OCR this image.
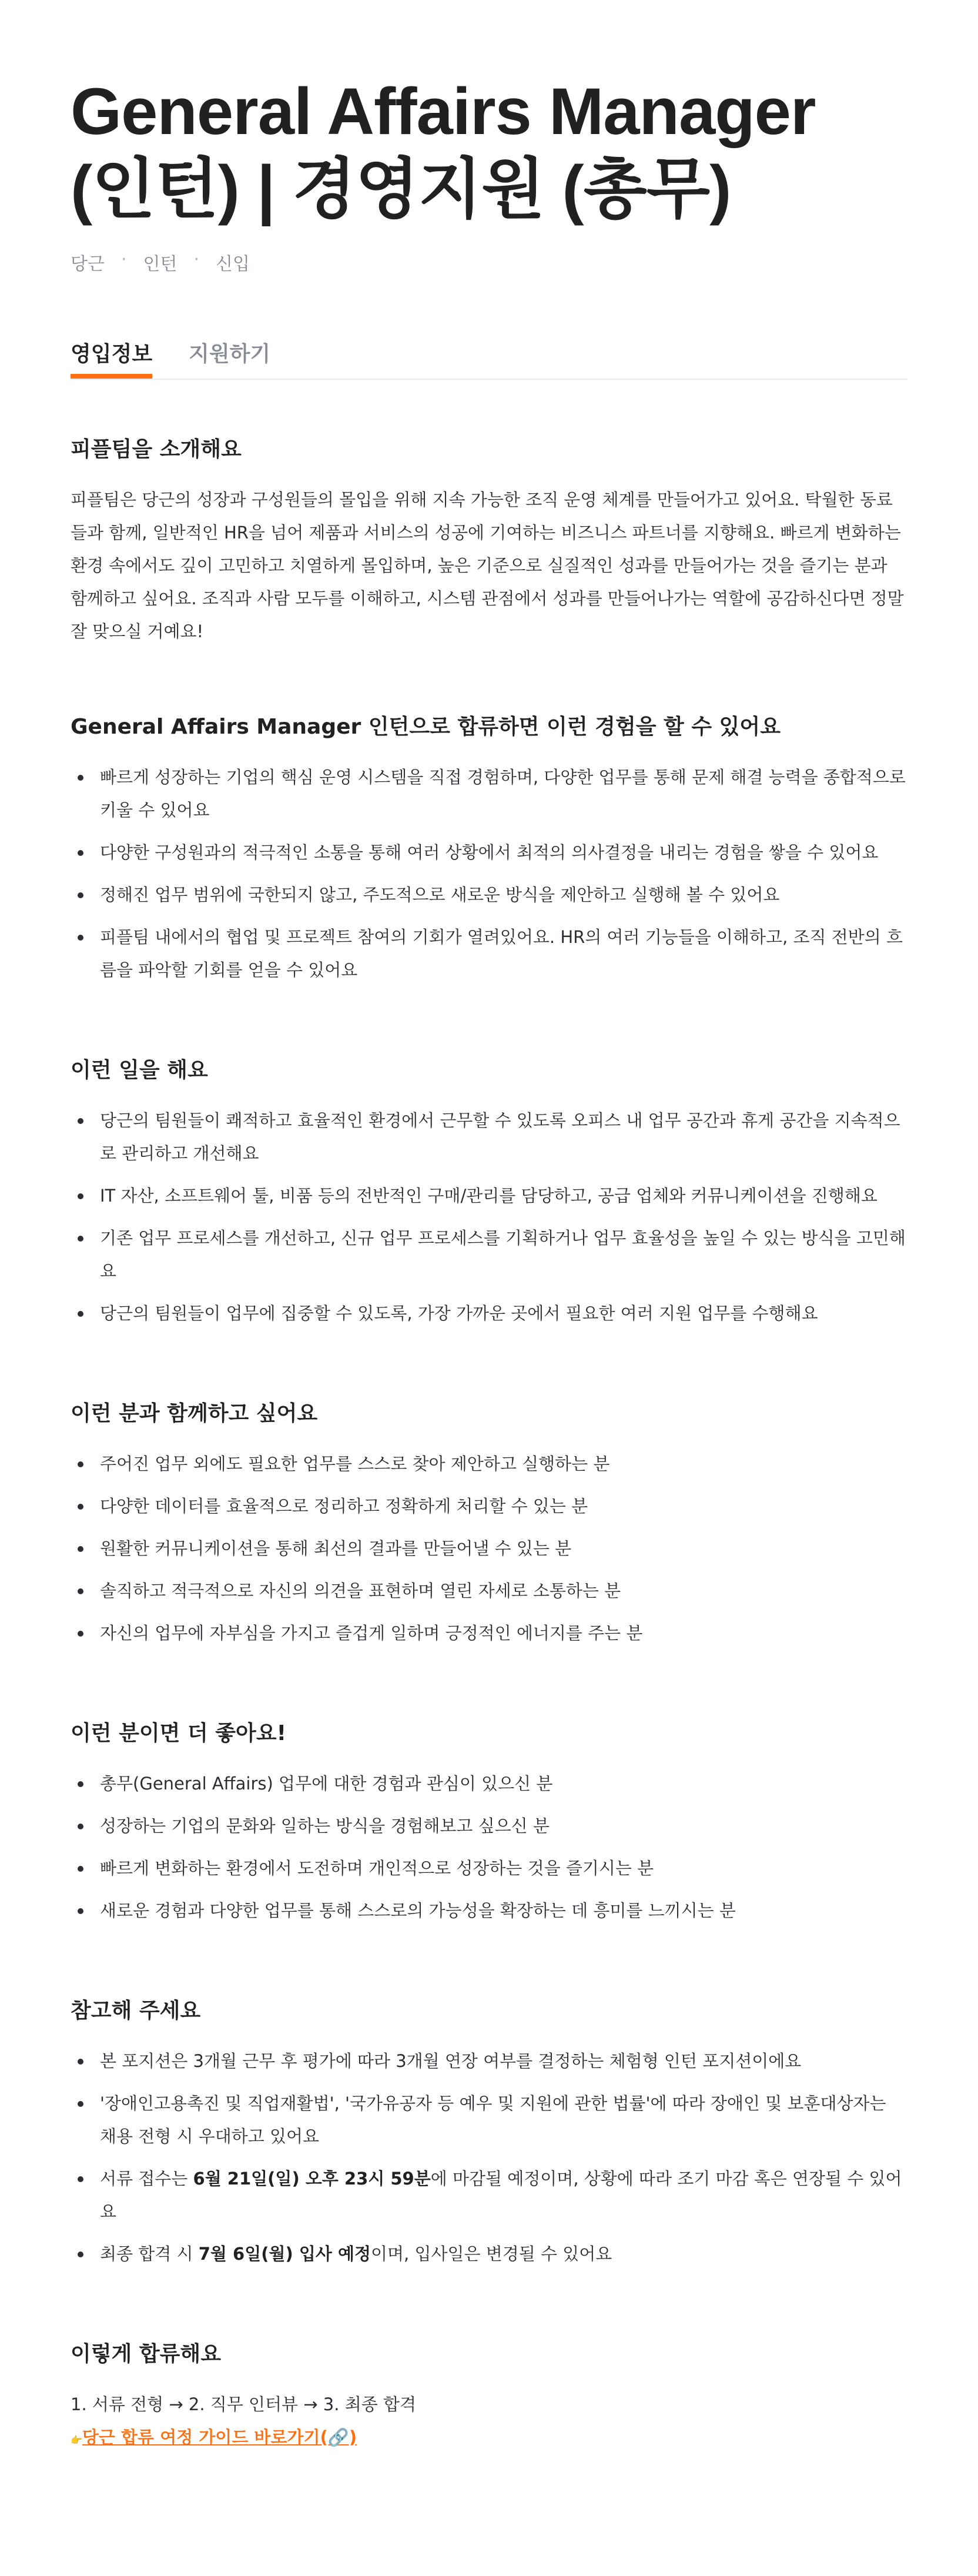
General Affairs Manager
(인턴) | 경영지원 (총무)
당근 · 인턴 · 신입
영입정보 지원하기
피플팀을 소개해요

피플팀은 당근의 성장과 구성원들의 몰입을 위해 지속 가능한 조직 운영 체계를 만들어가고 있어요. 탁월한 동료들과 함께, 일반적인 HR을 넘어 제품과 서비스의 성공에 기여하는 비즈니스 파트너를 지향해요. 빠르게 변화하는 환경 속에서도 깊이 고민하고 치열하게 몰입하며, 높은 기준으로 실질적인 성과를 만들어가는 것을 즐기는 분과 함께하고 싶어요. 조직과 사람 모두를 이해하고, 시스템 관점에서 성과를 만들어나가는 역할에 공감하신다면 정말 잘 맞으실 거예요!

General Affairs Manager 인턴으로 합류하면 이런 경험을 할 수 있어요
빠르게 성장하는 기업의 핵심 운영 시스템을 직접 경험하며, 다양한 업무를 통해 문제 해결 능력을 종합적으로 키울 수 있어요
다양한 구성원과의 적극적인 소통을 통해 여러 상황에서 최적의 의사결정을 내리는 경험을 쌓을 수 있어요
정해진 업무 범위에 국한되지 않고, 주도적으로 새로운 방식을 제안하고 실행해 볼 수 있어요
피플팀 내에서의 협업 및 프로젝트 참여의 기회가 열려있어요. HR의 여러 기능들을 이해하고, 조직 전반의 흐름을 파악할 기회를 얻을 수 있어요
이런 일을 해요
당근의 팀원들이 쾌적하고 효율적인 환경에서 근무할 수 있도록 오피스 내 업무 공간과 휴게 공간을 지속적으로 관리하고 개선해요
IT 자산, 소프트웨어 툴, 비품 등의 전반적인 구매/관리를 담당하고, 공급 업체와 커뮤니케이션을 진행해요
기존 업무 프로세스를 개선하고, 신규 업무 프로세스를 기획하거나 업무 효율성을 높일 수 있는 방식을 고민해요
당근의 팀원들이 업무에 집중할 수 있도록, 가장 가까운 곳에서 필요한 여러 지원 업무를 수행해요
이런 분과 함께하고 싶어요
주어진 업무 외에도 필요한 업무를 스스로 찾아 제안하고 실행하는 분
다양한 데이터를 효율적으로 정리하고 정확하게 처리할 수 있는 분
원활한 커뮤니케이션을 통해 최선의 결과를 만들어낼 수 있는 분
솔직하고 적극적으로 자신의 의견을 표현하며 열린 자세로 소통하는 분
자신의 업무에 자부심을 가지고 즐겁게 일하며 긍정적인 에너지를 주는 분
이런 분이면 더 좋아요!
총무(General Affairs) 업무에 대한 경험과 관심이 있으신 분
성장하는 기업의 문화와 일하는 방식을 경험해보고 싶으신 분
빠르게 변화하는 환경에서 도전하며 개인적으로 성장하는 것을 즐기시는 분
새로운 경험과 다양한 업무를 통해 스스로의 가능성을 확장하는 데 흥미를 느끼시는 분
참고해 주세요
본 포지션은 3개월 근무 후 평가에 따라 3개월 연장 여부를 결정하는 체험형 인턴 포지션이에요
'장애인고용촉진 및 직업재활법', '국가유공자 등 예우 및 지원에 관한 법률'에 따라 장애인 및 보훈대상자는 채용 전형 시 우대하고 있어요
서류 접수는 6월 21일(일) 오후 23시 59분에 마감될 예정이며, 상황에 따라 조기 마감 혹은 연장될 수 있어요
최종 합격 시 7월 6일(월) 입사 예정이며, 입사일은 변경될 수 있어요
이렇게 합류해요
1. 서류 전형 → 2. 직무 인터뷰 → 3. 최종 합격
👉당근 합류 여정 가이드 바로가기(🔗)
